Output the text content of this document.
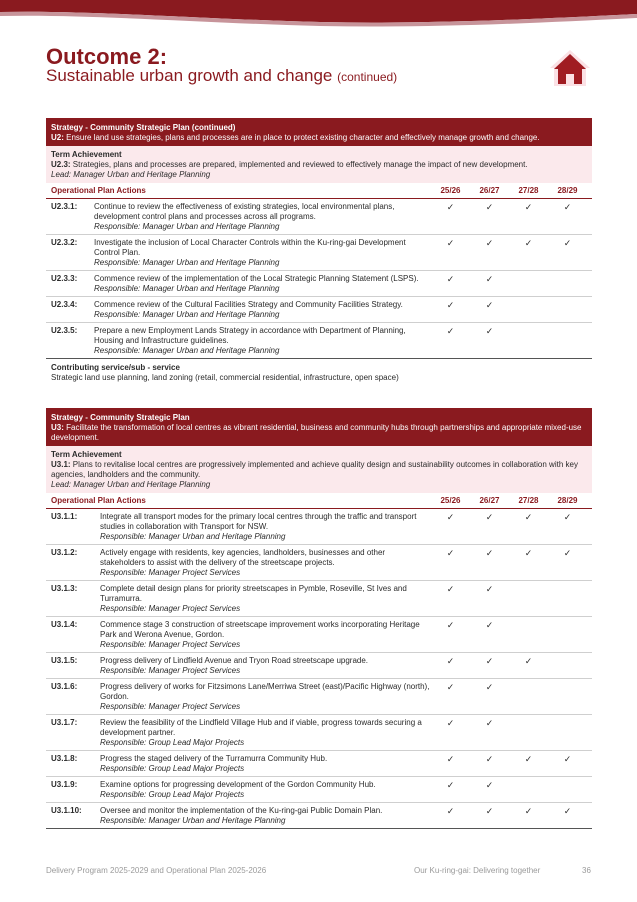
Outcome 2:
Sustainable urban growth and change (continued)
Strategy - Community Strategic Plan (continued)
U2: Ensure land use strategies, plans and processes are in place to protect existing character and effectively manage growth and change.
Term Achievement
U2.3: Strategies, plans and processes are prepared, implemented and reviewed to effectively manage the impact of new development.
Lead: Manager Urban and Heritage Planning
Operational Plan Actions	25/26	26/27	27/28	28/29
U2.3.1:	Continue to review the effectiveness of existing strategies, local environmental plans, development control plans and processes across all programs.
Responsible: Manager Urban and Heritage Planning
✓	✓	✓	✓
U2.3.2:	Investigate the inclusion of Local Character Controls within the Ku-ring-gai Development Control Plan.
Responsible: Manager Urban and Heritage Planning
✓	✓	✓	✓
U2.3.3:	Commence review of the implementation of the Local Strategic Planning Statement (LSPS).
Responsible: Manager Urban and Heritage Planning
✓	✓
U2.3.4:	Commence review of the Cultural Facilities Strategy and Community Facilities Strategy.
Responsible: Manager Urban and Heritage Planning
✓	✓
U2.3.5:	Prepare a new Employment Lands Strategy in accordance with Department of Planning, Housing and Infrastructure guidelines.
Responsible: Manager Urban and Heritage Planning
✓	✓
Contributing service/sub - service
Strategic land use planning, land zoning (retail, commercial residential, infrastructure, open space)
Strategy - Community Strategic Plan
U3: Facilitate the transformation of local centres as vibrant residential, business and community hubs through partnerships and appropriate mixed-use development.
Term Achievement
U3.1: Plans to revitalise local centres are progressively implemented and achieve quality design and sustainability outcomes in collaboration with key agencies, landholders and the community.
Lead: Manager Urban and Heritage Planning
Operational Plan Actions	25/26	26/27	27/28	28/29
U3.1.1:	Integrate all transport modes for the primary local centres through the traffic and transport studies in collaboration with Transport for NSW.
Responsible: Manager Urban and Heritage Planning
✓	✓	✓	✓
U3.1.2:	Actively engage with residents, key agencies, landholders, businesses and other stakeholders to assist with the delivery of the streetscape projects.
Responsible: Manager Project Services
✓	✓	✓	✓
U3.1.3:	Complete detail design plans for priority streetscapes in Pymble, Roseville, St Ives and Turramurra.
Responsible: Manager Project Services
✓	✓
U3.1.4:	Commence stage 3 construction of streetscape improvement works incorporating Heritage Park and Werona Avenue, Gordon.
Responsible: Manager Project Services
✓	✓
U3.1.5:	Progress delivery of Lindfield Avenue and Tryon Road streetscape upgrade.
Responsible: Manager Project Services
✓	✓	✓
U3.1.6:	Progress delivery of works for Fitzsimons Lane/Merriwa Street (east)/Pacific Highway (north), Gordon.
Responsible: Manager Project Services
✓	✓
U3.1.7:	Review the feasibility of the Lindfield Village Hub and if viable, progress towards securing a development partner.
Responsible: Group Lead Major Projects
✓	✓
U3.1.8:	Progress the staged delivery of the Turramurra Community Hub.
Responsible: Group Lead Major Projects
✓	✓	✓	✓
U3.1.9:	Examine options for progressing development of the Gordon Community Hub.
Responsible: Group Lead Major Projects
✓	✓
U3.1.10:	Oversee and monitor the implementation of the Ku-ring-gai Public Domain Plan.
Responsible: Manager Urban and Heritage Planning
✓	✓	✓	✓
Delivery Program 2025-2029 and Operational Plan 2025-2026	Our Ku-ring-gai: Delivering together	36
